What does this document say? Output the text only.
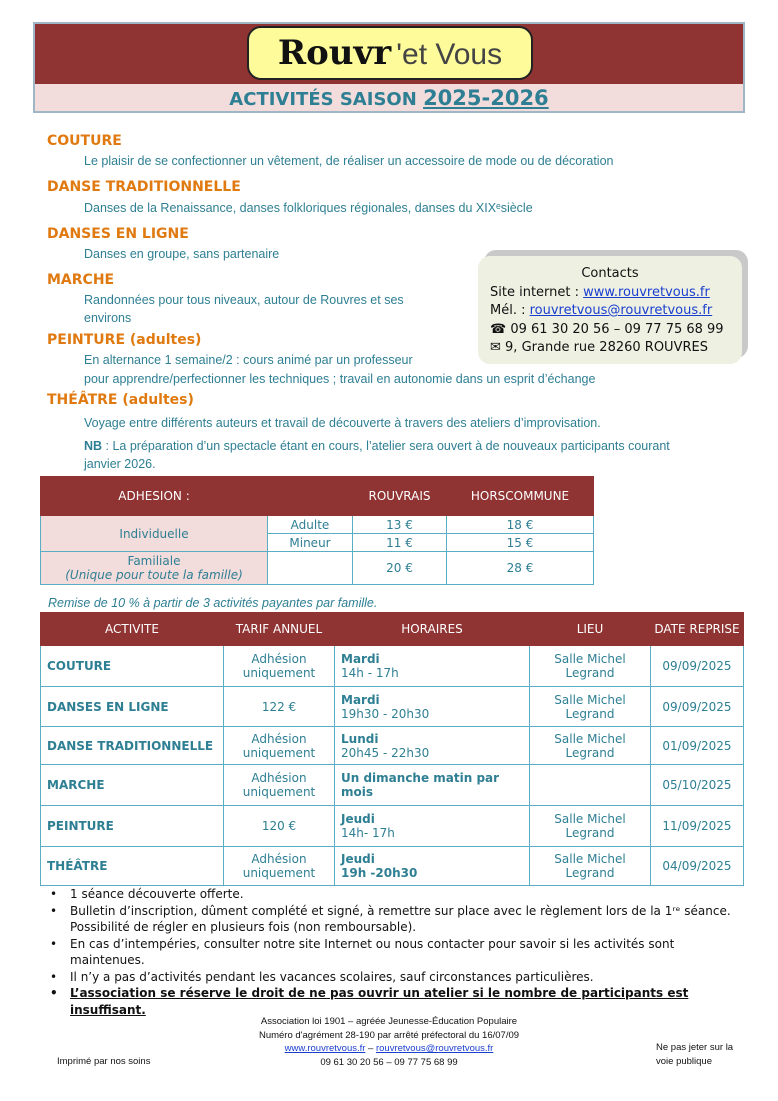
Rouvr 'et Vous
ACTIVITÉS SAISON 2025-2026
COUTURE
Le plaisir de se confectionner un vêtement, de réaliser un accessoire de mode ou de décoration
DANSE TRADITIONNELLE
Danses de la Renaissance, danses folkloriques régionales, danses du XIXᵉsiècle
DANSES EN LIGNE
Danses en groupe, sans partenaire
MARCHE
Randonnées pour tous niveaux, autour de Rouvres et ses
environs
PEINTURE (adultes)
En alternance 1 semaine/2 : cours animé par un professeur
pour apprendre/perfectionner les techniques ; travail en autonomie dans un esprit d’échange
THÉÂTRE (adultes)
Voyage entre différents auteurs et travail de découverte à travers des ateliers d’improvisation.
NB : La préparation d’un spectacle étant en cours, l’atelier sera ouvert à de nouveaux participants courant
janvier 2026.
Contacts
Site internet : www.rouvretvous.fr
Mél. : rouvretvous@rouvretvous.fr
☎ 09 61 30 20 56 – 09 77 75 68 99
✉ 9, Grande rue 28260 ROUVRES
ADHESION :		ROUVRAIS	HORSCOMMUNE
Individuelle	Adulte	13 €	18 €
	Mineur	11 €	15 €

Familiale
(Unique pour toute la famille)		20 €	28 €
Remise de 10 % à partir de 3 activités payantes par famille.
ACTIVITE	TARIF ANNUEL	HORAIRES	LIEU	DATE REPRISE
COUTURE	Adhésion uniquement	Mardi
14h - 17h	Salle Michel Legrand	09/09/2025
DANSES EN LIGNE	122 €	Mardi
19h30 - 20h30	Salle Michel Legrand	09/09/2025
DANSE TRADITIONNELLE	Adhésion uniquement	Lundi
20h45 - 22h30	Salle Michel Legrand	01/09/2025
MARCHE	Adhésion uniquement	Un dimanche matin par mois		05/10/2025
PEINTURE	120 €	Jeudi
14h- 17h	Salle Michel Legrand	11/09/2025
THÉÂTRE	Adhésion uniquement	Jeudi
19h -20h30	Salle Michel Legrand	04/09/2025
• 1 séance découverte offerte.
• Bulletin d’inscription, dûment complété et signé, à remettre sur place avec le règlement lors de la 1ʳᵉ séance.
Possibilité de régler en plusieurs fois (non remboursable).
• En cas d’intempéries, consulter notre site Internet ou nous contacter pour savoir si les activités sont maintenues.
• Il n’y a pas d’activités pendant les vacances scolaires, sauf circonstances particulières.
• L’association se réserve le droit de ne pas ouvrir un atelier si le nombre de participants est insuffisant.
Association loi 1901 – agréée Jeunesse-Éducation Populaire
Numéro d'agrément 28-190 par arrêté préfectoral du 16/07/09
www.rouvretvous.fr – rouvretvous@rouvretvous.fr
09 61 30 20 56 – 09 77 75 68 99
Imprimé par nos soins
Ne pas jeter sur la
voie publique
